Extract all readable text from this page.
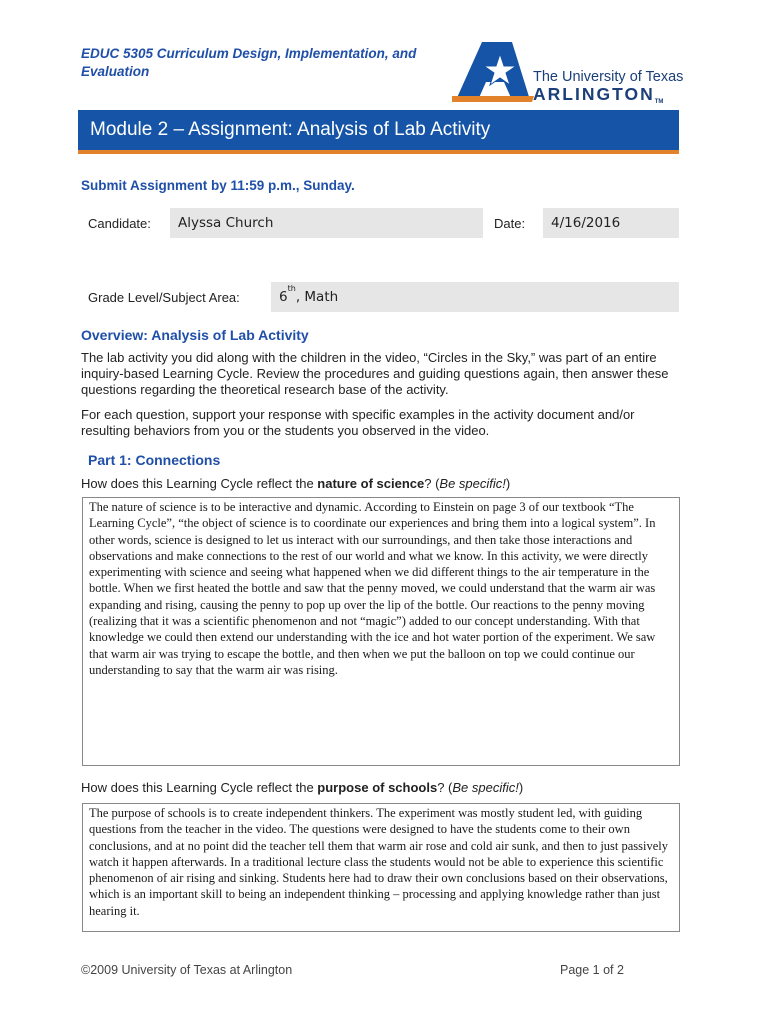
EDUC 5305 Curriculum Design, Implementation, and Evaluation	The University of Texas
ARLINGTONTM
Module 2 – Assignment: Analysis of Lab Activity
Submit Assignment by 11:59 p.m., Sunday.
Candidate:	Alyssa Church	Date:	4/16/2016
Grade Level/Subject Area:	6th, Math
Overview: Analysis of Lab Activity
The lab activity you did along with the children in the video, “Circles in the Sky,” was part of an entire inquiry-based Learning Cycle. Review the procedures and guiding questions again, then answer these questions regarding the theoretical research base of the activity.
For each question, support your response with specific examples in the activity document and/or resulting behaviors from you or the students you observed in the video.
Part 1: Connections
How does this Learning Cycle reflect the nature of science? (Be specific!)
The nature of science is to be interactive and dynamic. According to Einstein on page 3 of our textbook “The Learning Cycle”, “the object of science is to coordinate our experiences and bring them into a logical system”. In other words, science is designed to let us interact with our surroundings, and then take those interactions and observations and make connections to the rest of our world and what we know. In this activity, we were directly experimenting with science and seeing what happened when we did different things to the air temperature in the bottle. When we first heated the bottle and saw that the penny moved, we could understand that the warm air was expanding and rising, causing the penny to pop up over the lip of the bottle. Our reactions to the penny moving (realizing that it was a scientific phenomenon and not “magic”) added to our concept understanding. With that knowledge we could then extend our understanding with the ice and hot water portion of the experiment. We saw that warm air was trying to escape the bottle, and then when we put the balloon on top we could continue our understanding to say that the warm air was rising.
How does this Learning Cycle reflect the purpose of schools? (Be specific!)
The purpose of schools is to create independent thinkers. The experiment was mostly student led, with guiding questions from the teacher in the video. The questions were designed to have the students come to their own conclusions, and at no point did the teacher tell them that warm air rose and cold air sunk, and then to just passively watch it happen afterwards. In a traditional lecture class the students would not be able to experience this scientific phenomenon of air rising and sinking. Students here had to draw their own conclusions based on their observations, which is an important skill to being an independent thinking – processing and applying knowledge rather than just hearing it.
©2009 University of Texas at Arlington	Page 1 of 2
